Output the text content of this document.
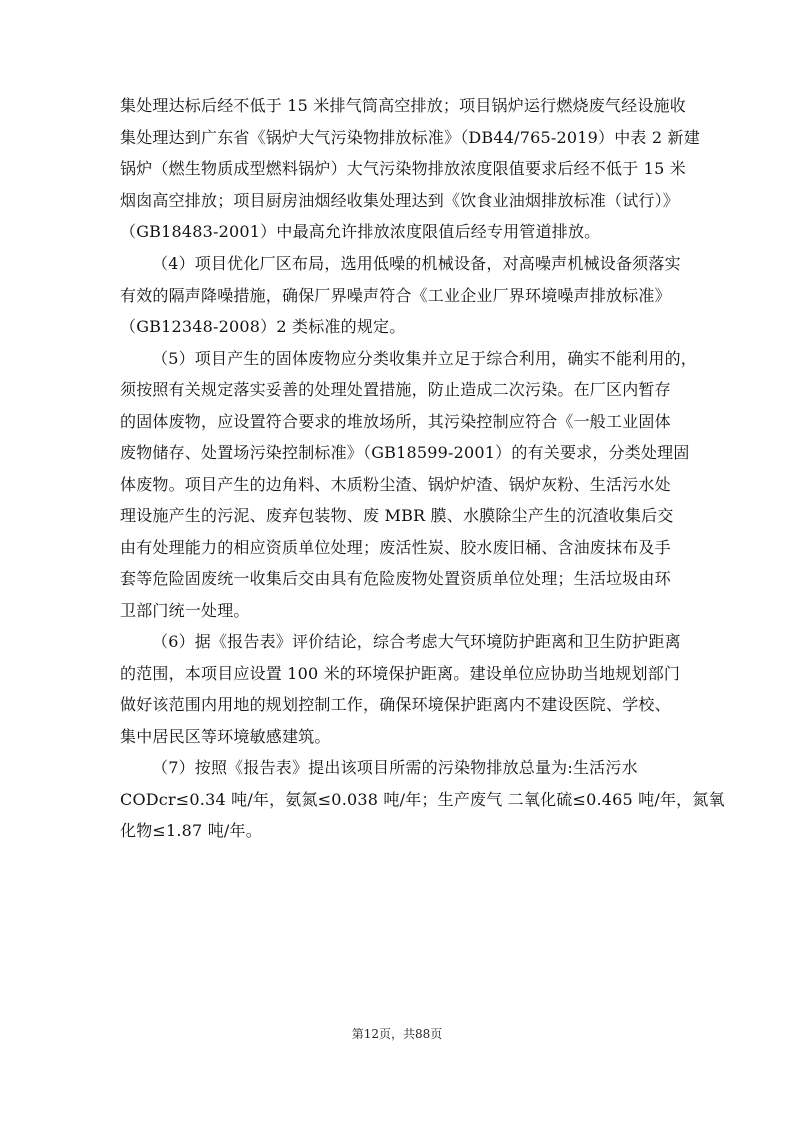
集处理达标后经不低于 15 米排气筒高空排放；项目锅炉运行燃烧废气经设施收
集处理达到广东省《锅炉大气污染物排放标准》（DB44/765-2019）中表 2 新建
锅炉（燃生物质成型燃料锅炉）大气污染物排放浓度限值要求后经不低于 15 米
烟囱高空排放；项目厨房油烟经收集处理达到《饮食业油烟排放标准（试行）》
（GB18483-2001）中最高允许排放浓度限值后经专用管道排放。
（4）项目优化厂区布局，选用低噪的机械设备，对高噪声机械设备须落实
有效的隔声降噪措施，确保厂界噪声符合《工业企业厂界环境噪声排放标准》
（GB12348-2008）2 类标准的规定。
（5）项目产生的固体废物应分类收集并立足于综合利用，确实不能利用的，
须按照有关规定落实妥善的处理处置措施，防止造成二次污染。在厂区内暂存
的固体废物，应设置符合要求的堆放场所，其污染控制应符合《一般工业固体
废物储存、处置场污染控制标准》（GB18599-2001）的有关要求，分类处理固
体废物。项目产生的边角料、木质粉尘渣、锅炉炉渣、锅炉灰粉、生活污水处
理设施产生的污泥、废弃包装物、废 MBR 膜、水膜除尘产生的沉渣收集后交
由有处理能力的相应资质单位处理；废活性炭、胶水废旧桶、含油废抹布及手
套等危险固废统一收集后交由具有危险废物处置资质单位处理；生活垃圾由环
卫部门统一处理。
（6）据《报告表》评价结论，综合考虑大气环境防护距离和卫生防护距离
的范围，本项目应设置 100 米的环境保护距离。建设单位应协助当地规划部门
做好该范围内用地的规划控制工作，确保环境保护距离内不建设医院、学校、
集中居民区等环境敏感建筑。
（7）按照《报告表》提出该项目所需的污染物排放总量为:生活污水
CODcr≤0.34 吨/年，氨氮≤0.038 吨/年；生产废气 二氧化硫≤0.465 吨/年，氮氧
化物≤1.87 吨/年。
第12页，共88页
